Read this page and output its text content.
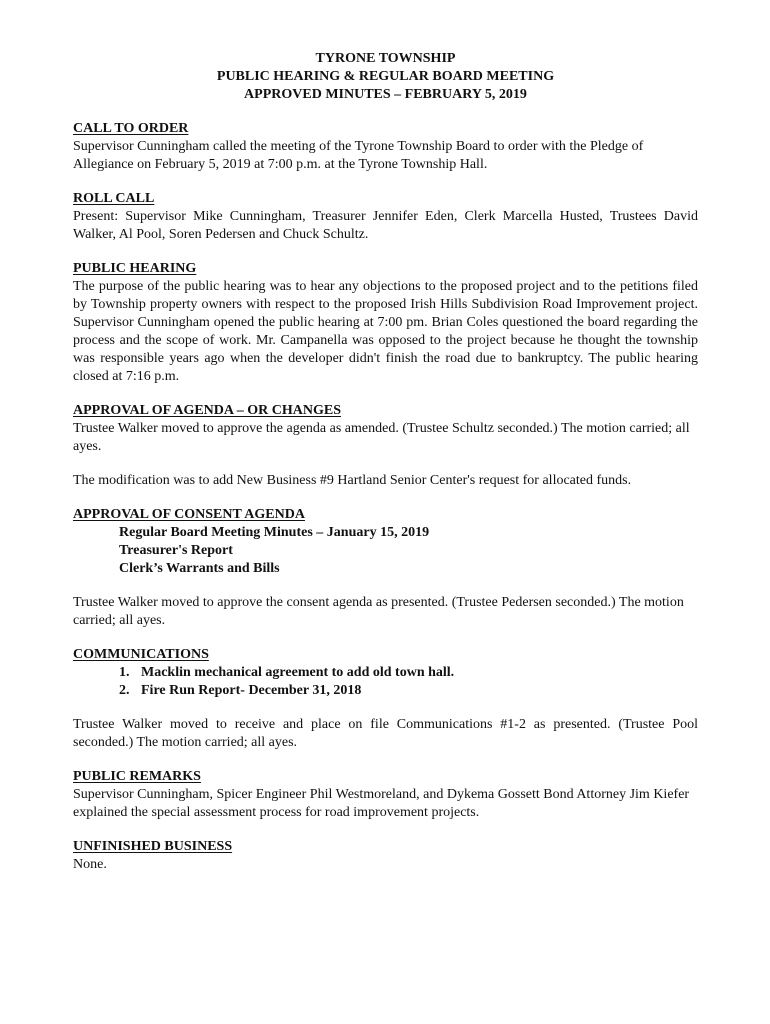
TYRONE TOWNSHIP
PUBLIC HEARING & REGULAR BOARD MEETING
APPROVED MINUTES – FEBRUARY 5, 2019
CALL TO ORDER

Supervisor Cunningham called the meeting of the Tyrone Township Board to order with the Pledge of Allegiance on February 5, 2019 at 7:00 p.m. at the Tyrone Township Hall.

ROLL CALL

Present: Supervisor Mike Cunningham, Treasurer Jennifer Eden, Clerk Marcella Husted, Trustees David Walker, Al Pool, Soren Pedersen and Chuck Schultz.

PUBLIC HEARING

The purpose of the public hearing was to hear any objections to the proposed project and to the petitions filed by Township property owners with respect to the proposed Irish Hills Subdivision Road Improvement project. Supervisor Cunningham opened the public hearing at 7:00 pm. Brian Coles questioned the board regarding the process and the scope of work. Mr. Campanella was opposed to the project because he thought the township was responsible years ago when the developer didn't finish the road due to bankruptcy. The public hearing closed at 7:16 p.m.

APPROVAL OF AGENDA – OR CHANGES

Trustee Walker moved to approve the agenda as amended. (Trustee Schultz seconded.) The motion carried; all ayes.

The modification was to add New Business #9 Hartland Senior Center's request for allocated funds.

APPROVAL OF CONSENT AGENDA
Regular Board Meeting Minutes – January 15, 2019
Treasurer's Report
Clerk’s Warrants and Bills

Trustee Walker moved to approve the consent agenda as presented. (Trustee Pedersen seconded.) The motion carried; all ayes.

COMMUNICATIONS
1. Macklin mechanical agreement to add old town hall.
2. Fire Run Report- December 31, 2018

Trustee Walker moved to receive and place on file Communications #1-2 as presented. (Trustee Pool seconded.) The motion carried; all ayes.

PUBLIC REMARKS

Supervisor Cunningham, Spicer Engineer Phil Westmoreland, and Dykema Gossett Bond Attorney Jim Kiefer explained the special assessment process for road improvement projects.

UNFINISHED BUSINESS

None.
